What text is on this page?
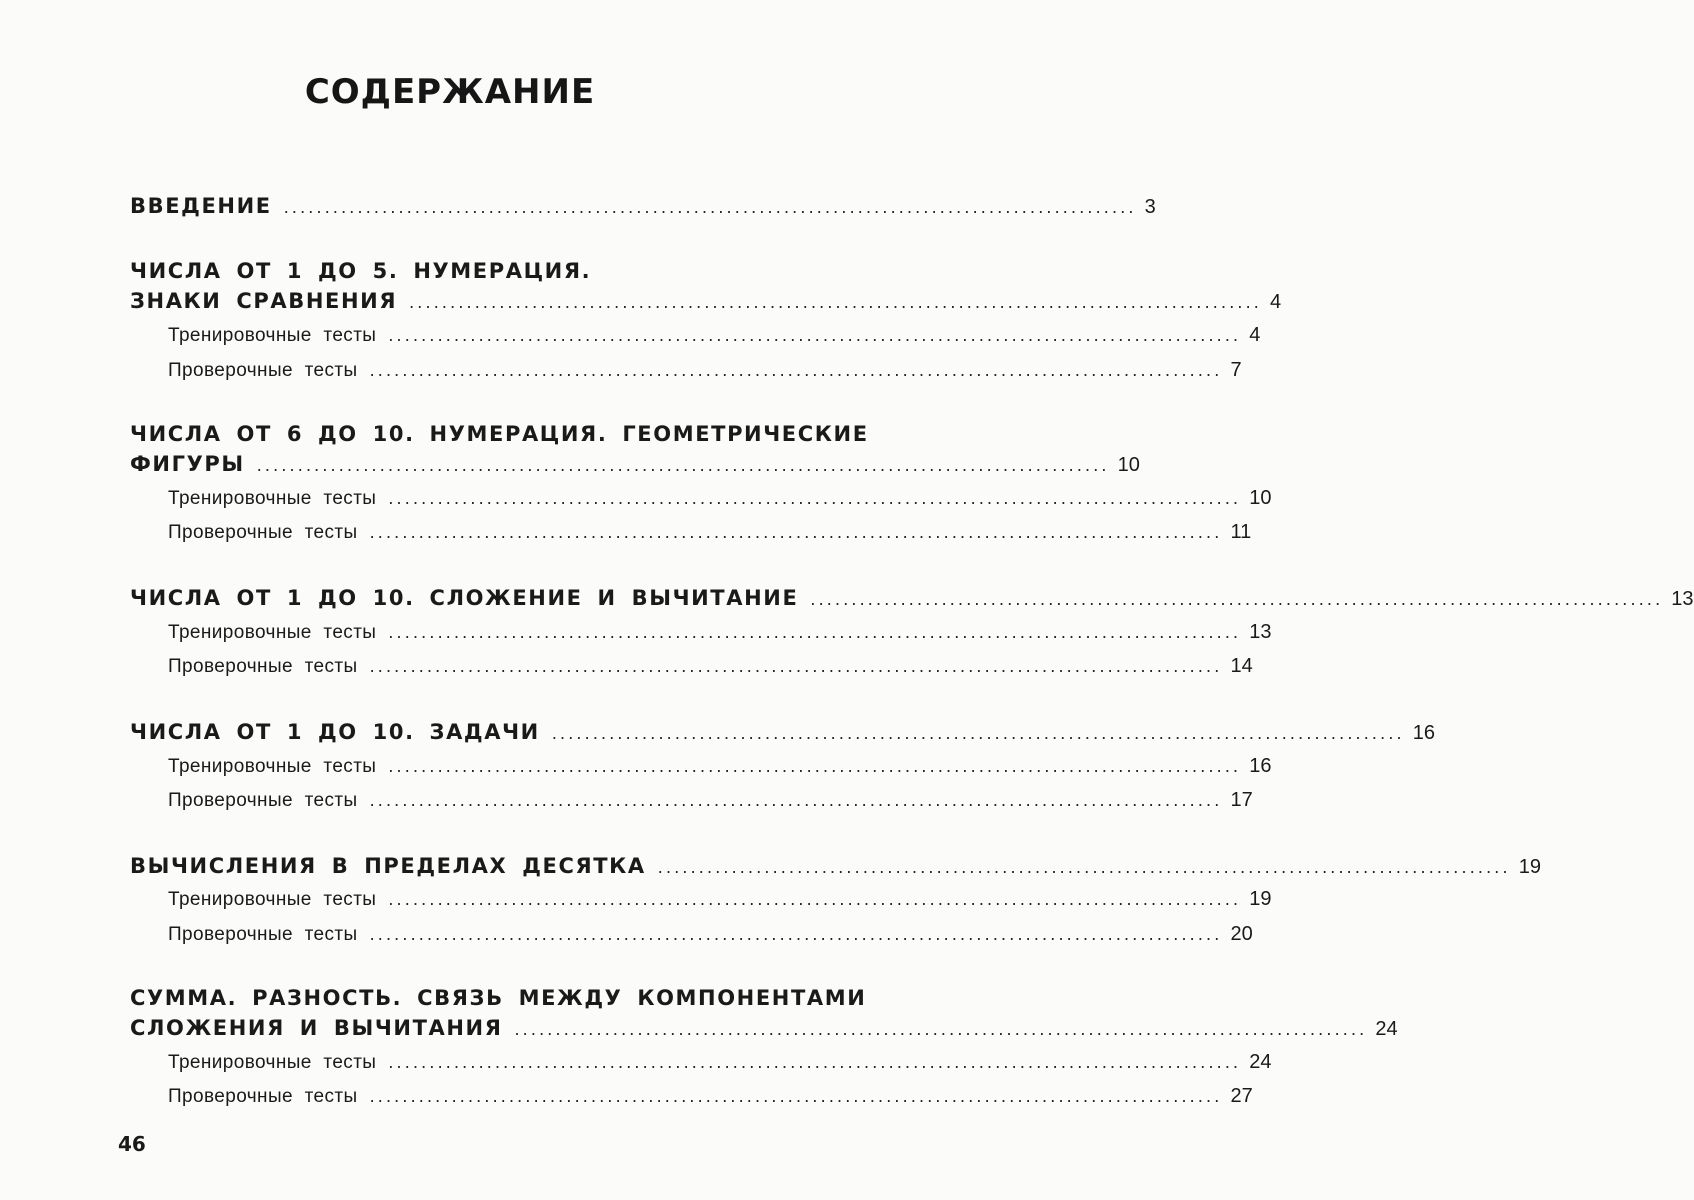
СОДЕРЖАНИЕ
ВВЕДЕНИЕ ........................................................................................................ 3
ЧИСЛА ОТ 1 ДО 5. НУМЕРАЦИЯ.
ЗНАКИ СРАВНЕНИЯ ........................................................................................................ 4
Тренировочные тесты ........................................................................................................ 4
Проверочные тесты ........................................................................................................ 7
ЧИСЛА ОТ 6 ДО 10. НУМЕРАЦИЯ. ГЕОМЕТРИЧЕСКИЕ
ФИГУРЫ ........................................................................................................ 10
Тренировочные тесты ........................................................................................................ 10
Проверочные тесты ........................................................................................................ 11
ЧИСЛА ОТ 1 ДО 10. СЛОЖЕНИЕ И ВЫЧИТАНИЕ ........................................................................................................ 13
Тренировочные тесты ........................................................................................................ 13
Проверочные тесты ........................................................................................................ 14
ЧИСЛА ОТ 1 ДО 10. ЗАДАЧИ ........................................................................................................ 16
Тренировочные тесты ........................................................................................................ 16
Проверочные тесты ........................................................................................................ 17
ВЫЧИСЛЕНИЯ В ПРЕДЕЛАХ ДЕСЯТКА ........................................................................................................ 19
Тренировочные тесты ........................................................................................................ 19
Проверочные тесты ........................................................................................................ 20
СУММА. РАЗНОСТЬ. СВЯЗЬ МЕЖДУ КОМПОНЕНТАМИ
СЛОЖЕНИЯ И ВЫЧИТАНИЯ ........................................................................................................ 24
Тренировочные тесты ........................................................................................................ 24
Проверочные тесты ........................................................................................................ 27
46
